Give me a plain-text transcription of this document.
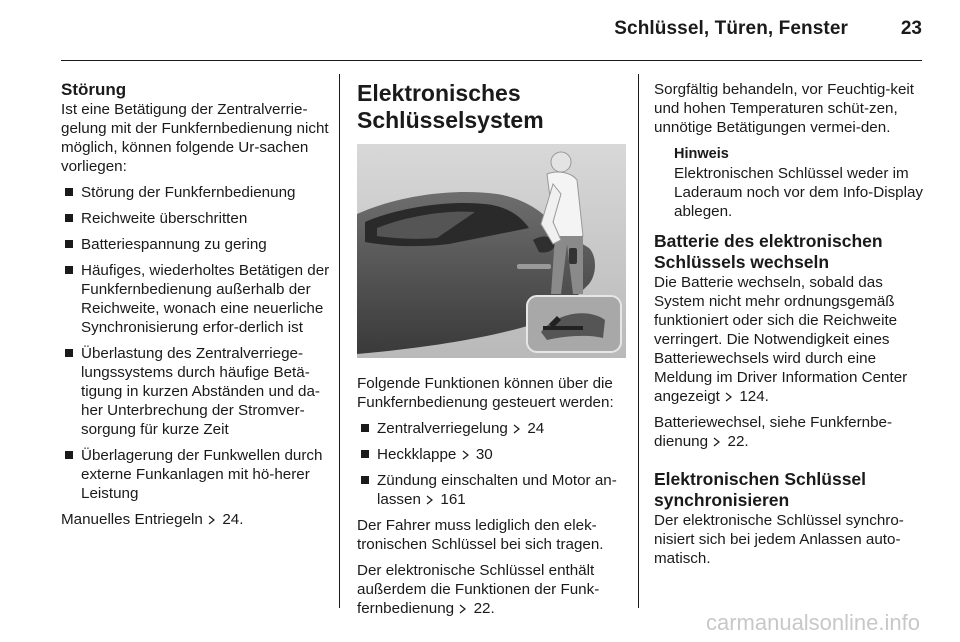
Schlüssel, Türen, Fenster	23
Störung

Ist eine Betätigung der Zentralverrie-gelung mit der Funkfernbedienung nicht möglich, können folgende Ur-sachen vorliegen:

Störung der Funkfernbedienung
Reichweite überschritten
Batteriespannung zu gering
Häufiges, wiederholtes Betätigen der Funkfernbedienung außerhalb der Reichweite, wonach eine neuerliche Synchronisierung erfor-derlich ist
Überlastung des Zentralverriege-lungssystems durch häufige Betä-tigung in kurzen Abständen und da-her Unterbrechung der Stromver-sorgung für kurze Zeit
Überlagerung der Funkwellen durch externe Funkanlagen mit hö-herer Leistung

Manuelles Entriegeln 24.

Elektronisches
Schlüsselsystem

Folgende Funktionen können über die Funkfernbedienung gesteuert werden:

Zentralverriegelung 24
Heckklappe 30
Zündung einschalten und Motor an-lassen 161

Der Fahrer muss lediglich den elek-tronischen Schlüssel bei sich tragen.

Der elektronische Schlüssel enthält außerdem die Funktionen der Funk-fernbedienung 22.

Sorgfältig behandeln, vor Feuchtig-keit und hohen Temperaturen schüt-zen, unnötige Betätigungen vermei-den.

Hinweis
Elektronischen Schlüssel weder im Laderaum noch vor dem Info-Display ablegen.
Batterie des elektronischen Schlüssels wechseln

Die Batterie wechseln, sobald das System nicht mehr ordnungsgemäß funktioniert oder sich die Reichweite verringert. Die Notwendigkeit eines Batteriewechsels wird durch eine Meldung im Driver Information Center angezeigt 124.

Batteriewechsel, siehe Funkfernbe-dienung 22.

Elektronischen Schlüssel synchronisieren

Der elektronische Schlüssel synchro-nisiert sich bei jedem Anlassen auto-matisch.

carmanualsonline.info
